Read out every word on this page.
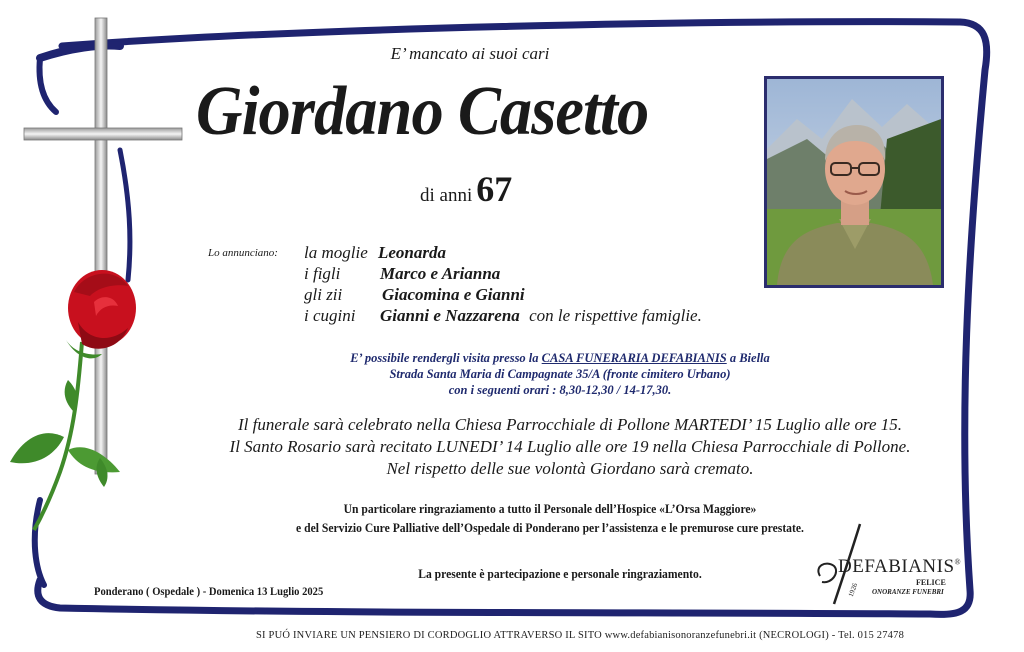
E’ mancato ai suoi cari
Giordano Casetto
di anni 67
Lo annunciano: la moglie Leonarda
i figli Marco e Arianna
gli zii Giacomina e Gianni
i cugini Gianni e Nazzarena con le rispettive famiglie.
E’ possibile rendergli visita presso la CASA FUNERARIA DEFABIANIS a Biella
Strada Santa Maria di Campagnate 35/A (fronte cimitero Urbano)
con i seguenti orari : 8,30-12,30 / 14-17,30.
Il funerale sarà celebrato nella Chiesa Parrocchiale di Pollone MARTEDI’ 15 Luglio alle ore 15.
Il Santo Rosario sarà recitato LUNEDI’ 14 Luglio alle ore 19 nella Chiesa Parrocchiale di Pollone.
Nel rispetto delle sue volontà Giordano sarà cremato.
Un particolare ringraziamento a tutto il Personale dell’Hospice «L’Orsa Maggiore»
e del Servizio Cure Palliative dell’Ospedale di Ponderano per l’assistenza e le premurose cure prestate.
La presente è partecipazione e personale ringraziamento.
Ponderano ( Ospedale ) - Domenica 13 Luglio 2025
DEFABIANIS®
FELICE
ONORANZE FUNEBRI
1926
SI PUÓ INVIARE UN PENSIERO DI CORDOGLIO ATTRAVERSO IL SITO www.defabianisonoranzefunebri.it (NECROLOGI) - Tel. 015 27478
